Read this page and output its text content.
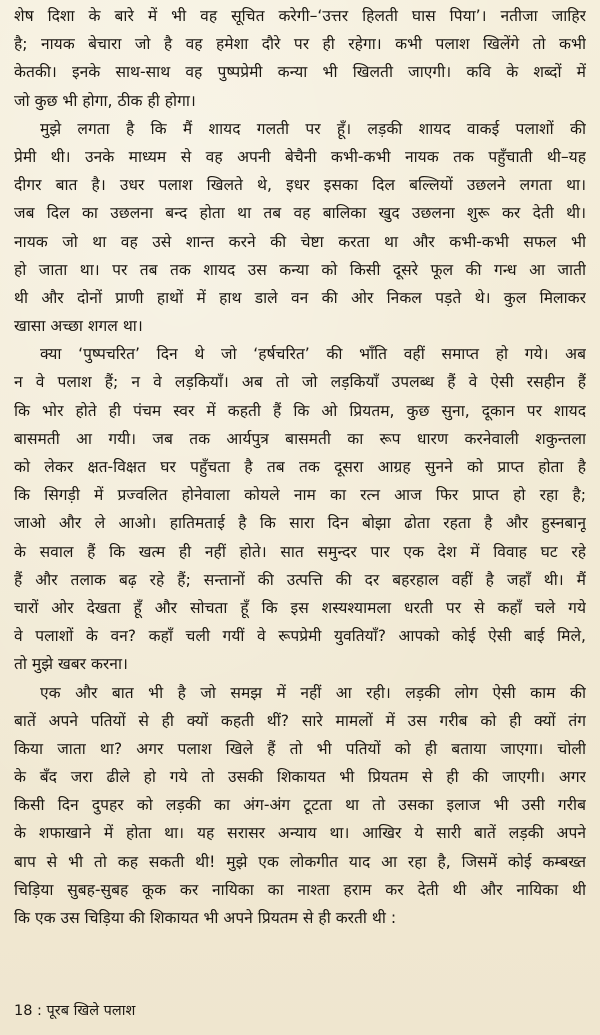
शेष दिशा के बारे में भी वह सूचित करेगी–‘उत्तर हिलती घास पिया’। नतीजा जाहिर
है; नायक बेचारा जो है वह हमेशा दौरे पर ही रहेगा। कभी पलाश खिलेंगे तो कभी
केतकी। इनके साथ-साथ वह पुष्पप्रेमी कन्या भी खिलती जाएगी। कवि के शब्दों में
जो कुछ भी होगा, ठीक ही होगा।
मुझे लगता है कि मैं शायद गलती पर हूँ। लड़की शायद वाकई पलाशों की
प्रेमी थी। उनके माध्यम से वह अपनी बेचैनी कभी-कभी नायक तक पहुँचाती थी–यह
दीगर बात है। उधर पलाश खिलते थे, इधर इसका दिल बल्लियों उछलने लगता था।
जब दिल का उछलना बन्द होता था तब वह बालिका खुद उछलना शुरू कर देती थी।
नायक जो था वह उसे शान्त करने की चेष्टा करता था और कभी-कभी सफल भी
हो जाता था। पर तब तक शायद उस कन्या को किसी दूसरे फूल की गन्ध आ जाती
थी और दोनों प्राणी हाथों में हाथ डाले वन की ओर निकल पड़ते थे। कुल मिलाकर
खासा अच्छा शगल था।
क्या ‘पुष्पचरित’ दिन थे जो ‘हर्षचरित’ की भाँति वहीं समाप्त हो गये। अब
न वे पलाश हैं; न वे लड़कियाँ। अब तो जो लड़कियाँ उपलब्ध हैं वे ऐसी रसहीन हैं
कि भोर होते ही पंचम स्वर में कहती हैं कि ओ प्रियतम, कुछ सुना, दूकान पर शायद
बासमती आ गयी। जब तक आर्यपुत्र बासमती का रूप धारण करनेवाली शकुन्तला
को लेकर क्षत-विक्षत घर पहुँचता है तब तक दूसरा आग्रह सुनने को प्राप्त होता है
कि सिगड़ी में प्रज्वलित होनेवाला कोयले नाम का रत्न आज फिर प्राप्त हो रहा है;
जाओ और ले आओ। हातिमताई है कि सारा दिन बोझा ढोता रहता है और हुस्नबानू
के सवाल हैं कि खत्म ही नहीं होते। सात समुन्दर पार एक देश में विवाह घट रहे
हैं और तलाक बढ़ रहे हैं; सन्तानों की उत्पत्ति की दर बहरहाल वहीं है जहाँ थी। मैं
चारों ओर देखता हूँ और सोचता हूँ कि इस शस्यश्यामला धरती पर से कहाँ चले गये
वे पलाशों के वन? कहाँ चली गयीं वे रूपप्रेमी युवतियाँ? आपको कोई ऐसी बाई मिले,
तो मुझे खबर करना।
एक और बात भी है जो समझ में नहीं आ रही। लड़की लोग ऐसी काम की
बातें अपने पतियों से ही क्यों कहती थीं? सारे मामलों में उस गरीब को ही क्यों तंग
किया जाता था? अगर पलाश खिले हैं तो भी पतियों को ही बताया जाएगा। चोली
के बँद जरा ढीले हो गये तो उसकी शिकायत भी प्रियतम से ही की जाएगी। अगर
किसी दिन दुपहर को लड़की का अंग-अंग टूटता था तो उसका इलाज भी उसी गरीब
के शफाखाने में होता था। यह सरासर अन्याय था। आखिर ये सारी बातें लड़की अपने
बाप से भी तो कह सकती थी! मुझे एक लोकगीत याद आ रहा है, जिसमें कोई कम्बख्त
चिड़िया सुबह-सुबह कूक कर नायिका का नाश्ता हराम कर देती थी और नायिका थी
कि एक उस चिड़िया की शिकायत भी अपने प्रियतम से ही करती थी :
18 : पूरब खिले पलाश
